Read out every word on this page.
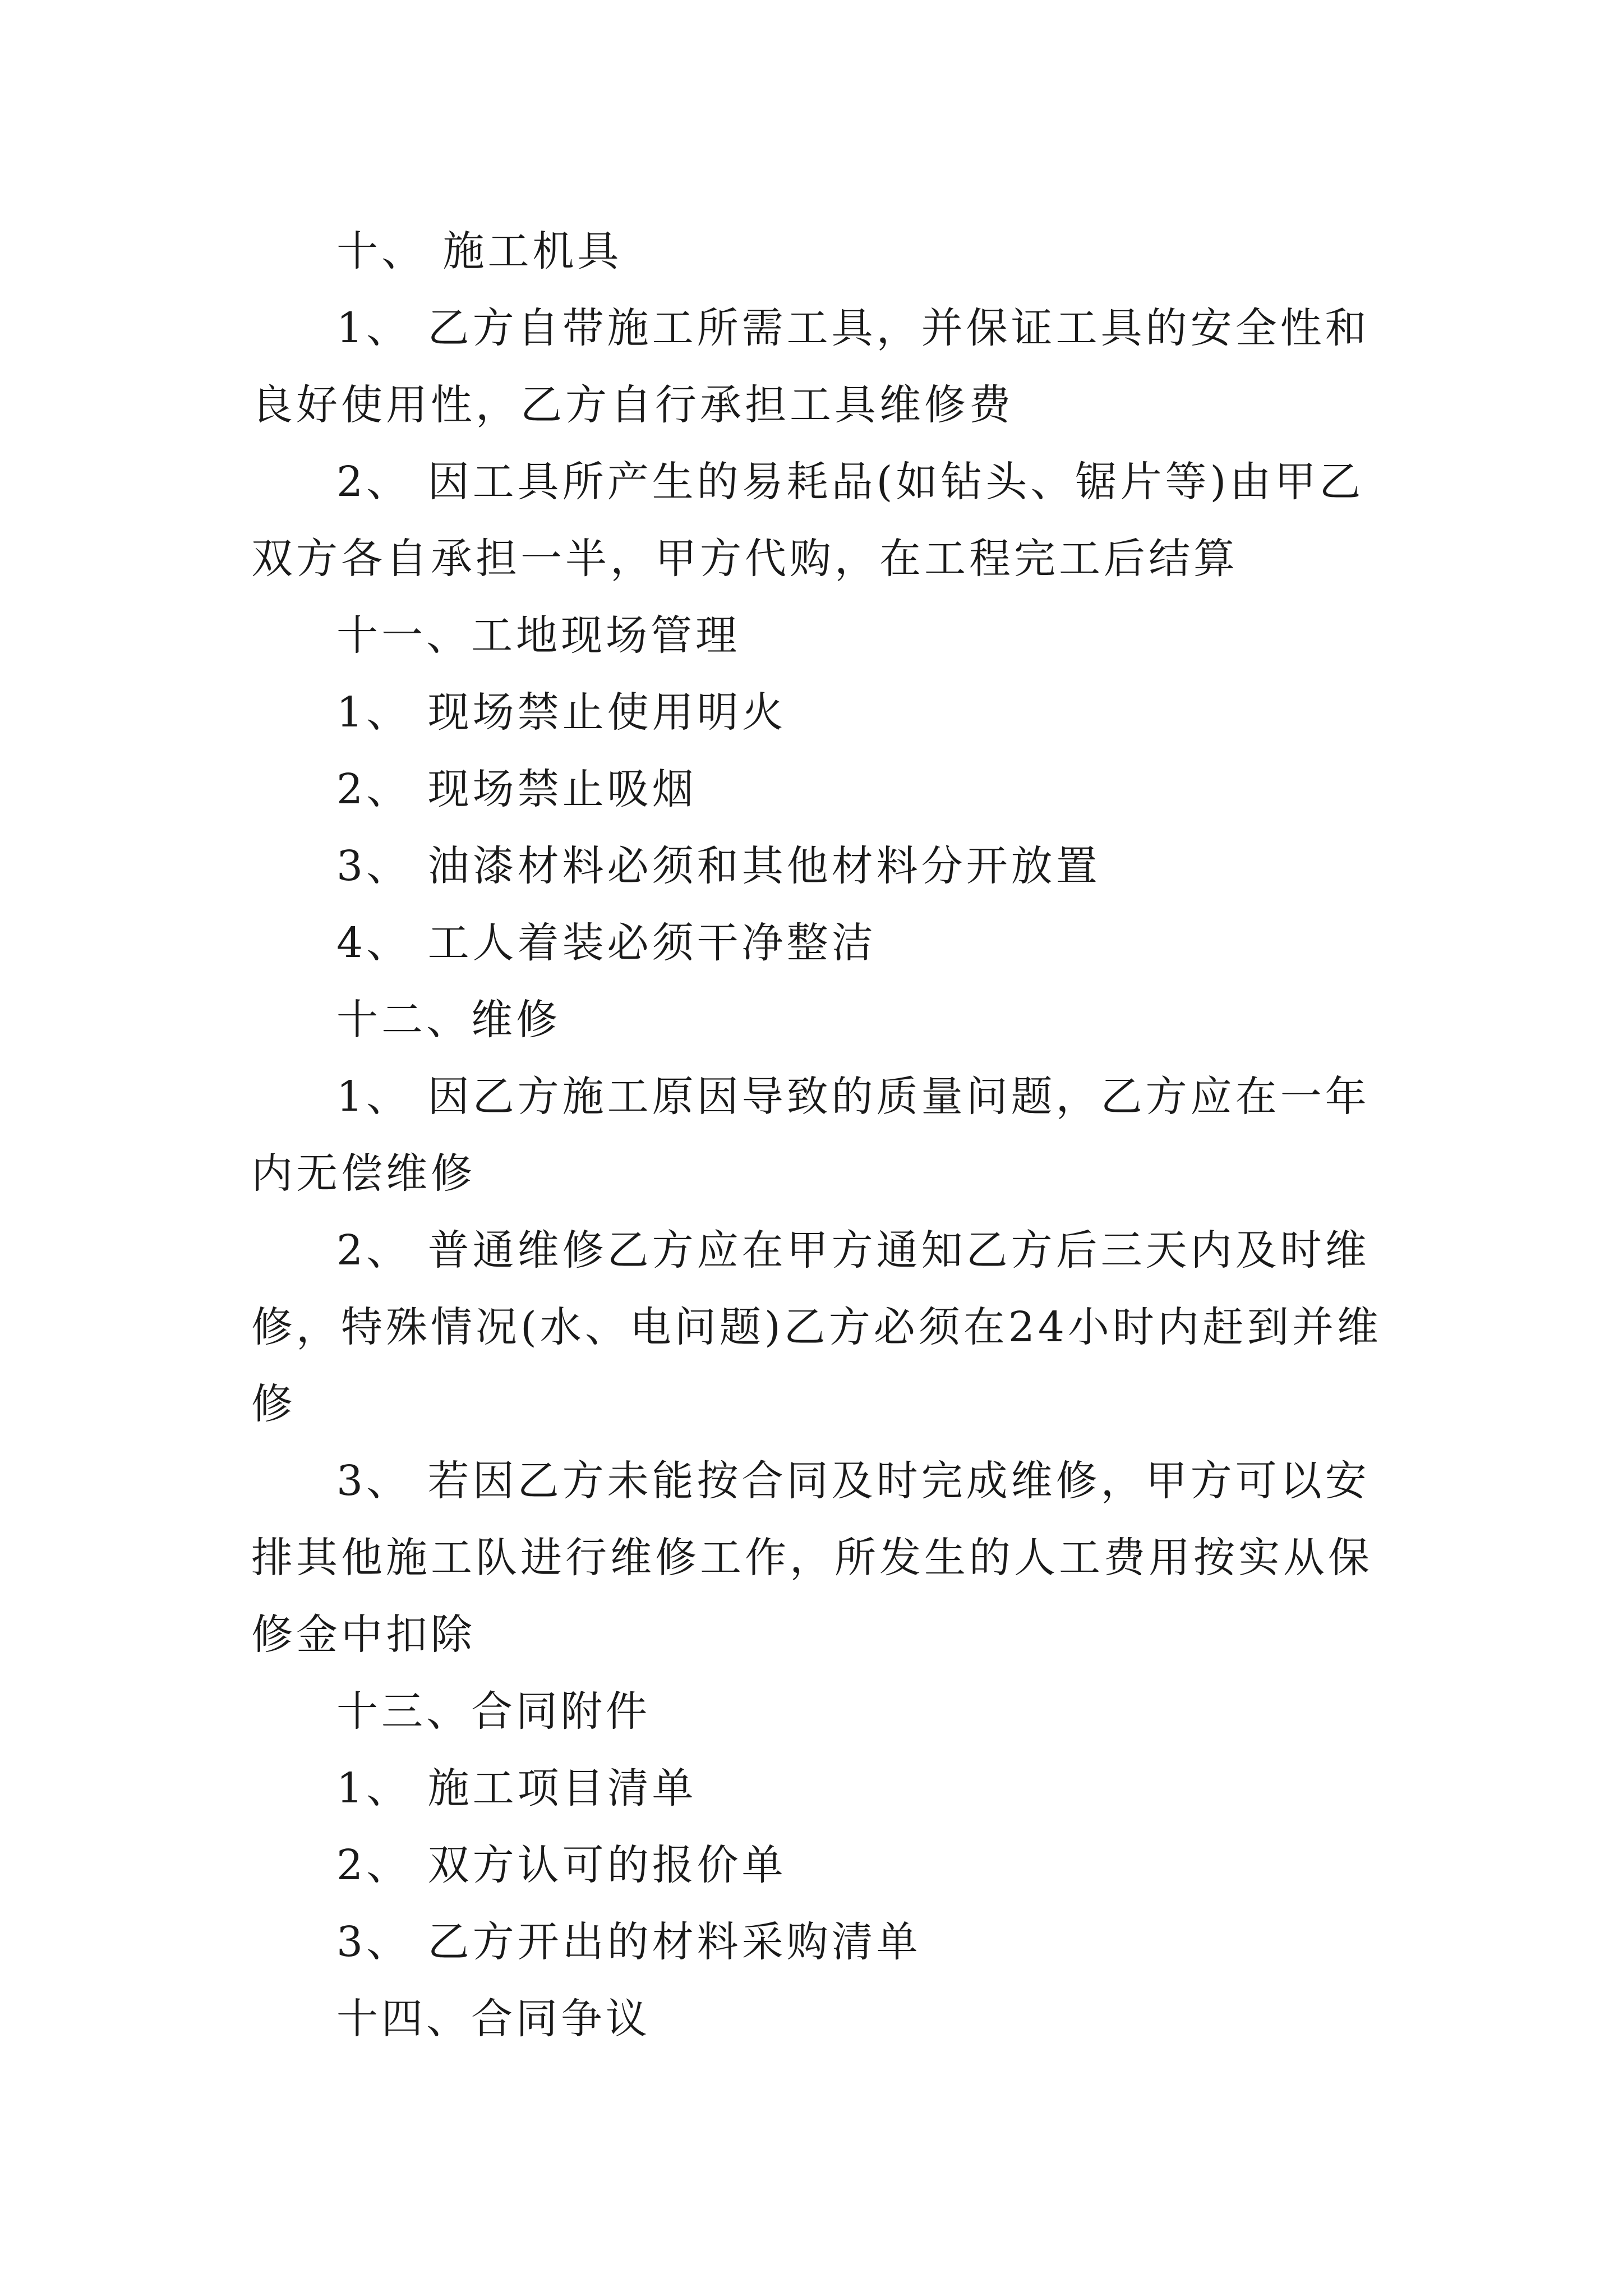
十、 施工机具

1、 乙方自带施工所需工具，并保证工具的安全性和良好使用性，乙方自行承担工具维修费

2、 因工具所产生的易耗品(如钻头、锯片等)由甲乙双方各自承担一半，甲方代购，在工程完工后结算

十一、工地现场管理

1、 现场禁止使用明火

2、 现场禁止吸烟

3、 油漆材料必须和其他材料分开放置

4、 工人着装必须干净整洁

十二、维修

1、 因乙方施工原因导致的质量问题，乙方应在一年内无偿维修

2、 普通维修乙方应在甲方通知乙方后三天内及时维修，特殊情况(水、电问题)乙方必须在24小时内赶到并维修

3、 若因乙方未能按合同及时完成维修，甲方可以安排其他施工队进行维修工作，所发生的人工费用按实从保修金中扣除

十三、合同附件

1、 施工项目清单

2、 双方认可的报价单

3、 乙方开出的材料采购清单

十四、合同争议
